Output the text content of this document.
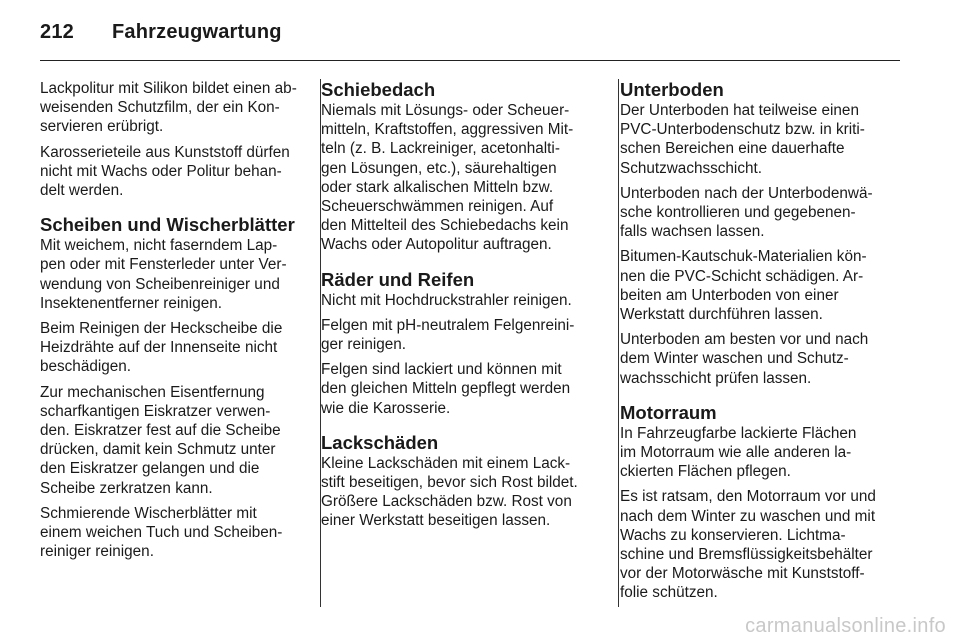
212 Fahrzeugwartung

Lackpolitur mit Silikon bildet einen ab-
weisenden Schutzfilm, der ein Kon-
servieren erübrigt.

Karosserieteile aus Kunststoff dürfen
nicht mit Wachs oder Politur behan-
delt werden.

Scheiben und Wischerblätter

Mit weichem, nicht faserndem Lap-
pen oder mit Fensterleder unter Ver-
wendung von Scheibenreiniger und
Insektenentferner reinigen.

Beim Reinigen der Heckscheibe die
Heizdrähte auf der Innenseite nicht
beschädigen.

Zur mechanischen Eisentfernung
scharfkantigen Eiskratzer verwen-
den. Eiskratzer fest auf die Scheibe
drücken, damit kein Schmutz unter
den Eiskratzer gelangen und die
Scheibe zerkratzen kann.

Schmierende Wischerblätter mit
einem weichen Tuch und Scheiben-
reiniger reinigen.

Schiebedach

Niemals mit Lösungs- oder Scheuer-
mitteln, Kraftstoffen, aggressiven Mit-
teln (z. B. Lackreiniger, acetonhalti-
gen Lösungen, etc.), säurehaltigen
oder stark alkalischen Mitteln bzw.
Scheuerschwämmen reinigen. Auf
den Mittelteil des Schiebedachs kein
Wachs oder Autopolitur auftragen.

Räder und Reifen

Nicht mit Hochdruckstrahler reinigen.

Felgen mit pH-neutralem Felgenreini-
ger reinigen.

Felgen sind lackiert und können mit
den gleichen Mitteln gepflegt werden
wie die Karosserie.

Lackschäden

Kleine Lackschäden mit einem Lack-
stift beseitigen, bevor sich Rost bildet.
Größere Lackschäden bzw. Rost von
einer Werkstatt beseitigen lassen.

Unterboden

Der Unterboden hat teilweise einen
PVC-Unterbodenschutz bzw. in kriti-
schen Bereichen eine dauerhafte
Schutzwachsschicht.

Unterboden nach der Unterbodenwä-
sche kontrollieren und gegebenen-
falls wachsen lassen.

Bitumen-Kautschuk-Materialien kön-
nen die PVC-Schicht schädigen. Ar-
beiten am Unterboden von einer
Werkstatt durchführen lassen.

Unterboden am besten vor und nach
dem Winter waschen und Schutz-
wachsschicht prüfen lassen.

Motorraum

In Fahrzeugfarbe lackierte Flächen
im Motorraum wie alle anderen la-
ckierten Flächen pflegen.

Es ist ratsam, den Motorraum vor und
nach dem Winter zu waschen und mit
Wachs zu konservieren. Lichtma-
schine und Bremsflüssigkeitsbehälter
vor der Motorwäsche mit Kunststoff-
folie schützen.

carmanualsonline.info
